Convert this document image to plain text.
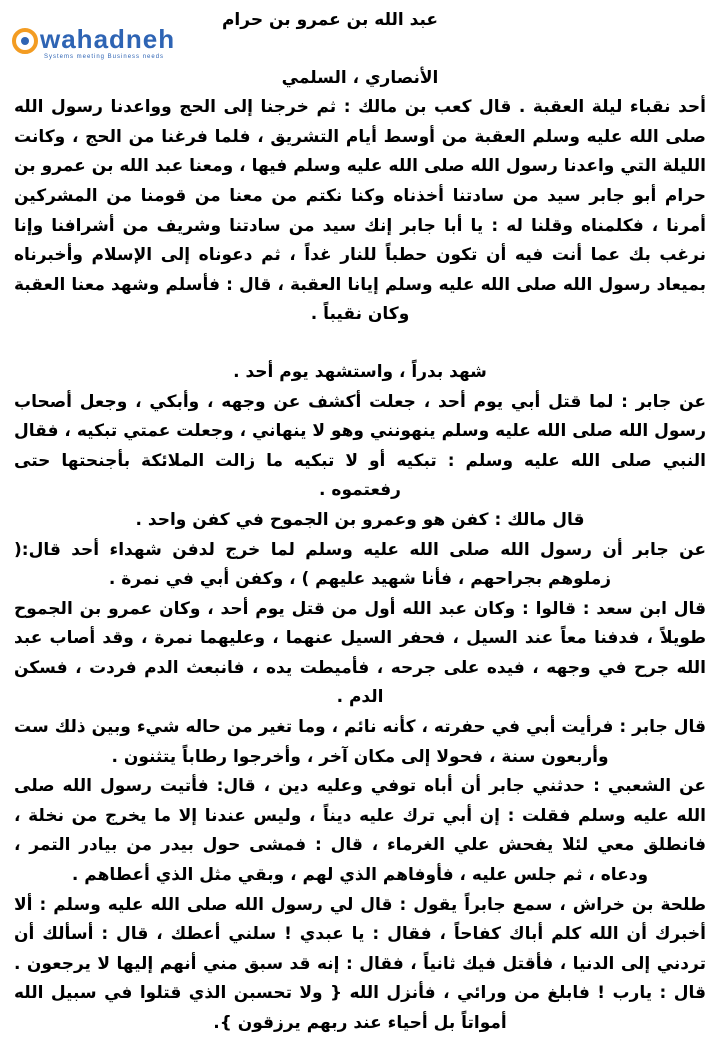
wahadneh
Systems meeting Business needs

عبد الله بن عمرو بن حرام

الأنصاري ، السلمي

أحد نقباء ليلة العقبة . قال كعب بن مالك : ثم خرجنا إلى الحج وواعدنا رسول الله صلى الله عليه وسلم العقبة من أوسط أيام التشريق ، فلما فرغنا من الحج ، وكانت الليلة التي واعدنا رسول الله صلى الله عليه وسلم فيها ، ومعنا عبد الله بن عمرو بن حرام أبو جابر سيد من سادتنا أخذناه وكنا نكتم من معنا من قومنا من المشركين أمرنا ، فكلمناه وقلنا له : يا أبا جابر إنك سيد من سادتنا وشريف من أشرافنا وإنا نرغب بك عما أنت فيه أن تكون حطباً للنار غداً ، ثم دعوناه إلى الإسلام وأخبرناه بميعاد رسول الله صلى الله عليه وسلم إيانا العقبة ، قال : فأسلم وشهد معنا العقبة وكان نقيباً .

شهد بدراً ، واستشهد يوم أحد .

عن جابر : لما قتل أبي يوم أحد ، جعلت أكشف عن وجهه ، وأبكي ، وجعل أصحاب رسول الله صلى الله عليه وسلم ينهونني وهو لا ينهاني ، وجعلت عمتي تبكيه ، فقال النبي صلى الله عليه وسلم : تبكيه أو لا تبكيه ما زالت الملائكة بأجنحتها حتى رفعتموه .

قال مالك : كفن هو وعمرو بن الجموح في كفن واحد .

عن جابر أن رسول الله صلى الله عليه وسلم لما خرج لدفن شهداء أحد قال:( زملوهم بجراحهم ، فأنا شهيد عليهم ) ، وكفن أبي في نمرة .

قال ابن سعد : قالوا : وكان عبد الله أول من قتل يوم أحد ، وكان عمرو بن الجموح طويلاً ، فدفنا معاً عند السيل ، فحفر السيل عنهما ، وعليهما نمرة ، وقد أصاب عبد الله جرح في وجهه ، فيده على جرحه ، فأميطت يده ، فانبعث الدم فردت ، فسكن الدم .

قال جابر : فرأيت أبي في حفرته ، كأنه نائم ، وما تغير من حاله شيء وبين ذلك ست وأربعون سنة ، فحولا إلى مكان آخر ، وأخرجوا رطاباً يتثنون .

عن الشعبي : حدثني جابر أن أباه توفي وعليه دين ، قال: فأتيت رسول الله صلى الله عليه وسلم فقلت : إن أبي ترك عليه ديناً ، وليس عندنا إلا ما يخرج من نخلة ، فانطلق معي لئلا يفحش علي الغرماء ، قال : فمشى حول بيدر من بيادر التمر ، ودعاه ، ثم جلس عليه ، فأوفاهم الذي لهم ، وبقي مثل الذي أعطاهم .

طلحة بن خراش ، سمع جابراً يقول : قال لي رسول الله صلى الله عليه وسلم : ألا أخبرك أن الله كلم أباك كفاحاً ، فقال : يا عبدي ! سلني أعطك ، قال : أسألك أن تردني إلى الدنيا ، فأقتل فيك ثانياً ، فقال : إنه قد سبق مني أنهم إليها لا يرجعون . قال : يارب ! فابلغ من ورائي ، فأنزل الله { ولا تحسبن الذي قتلوا في سبيل الله أمواتاً بل أحياء عند ربهم يرزقون }.
